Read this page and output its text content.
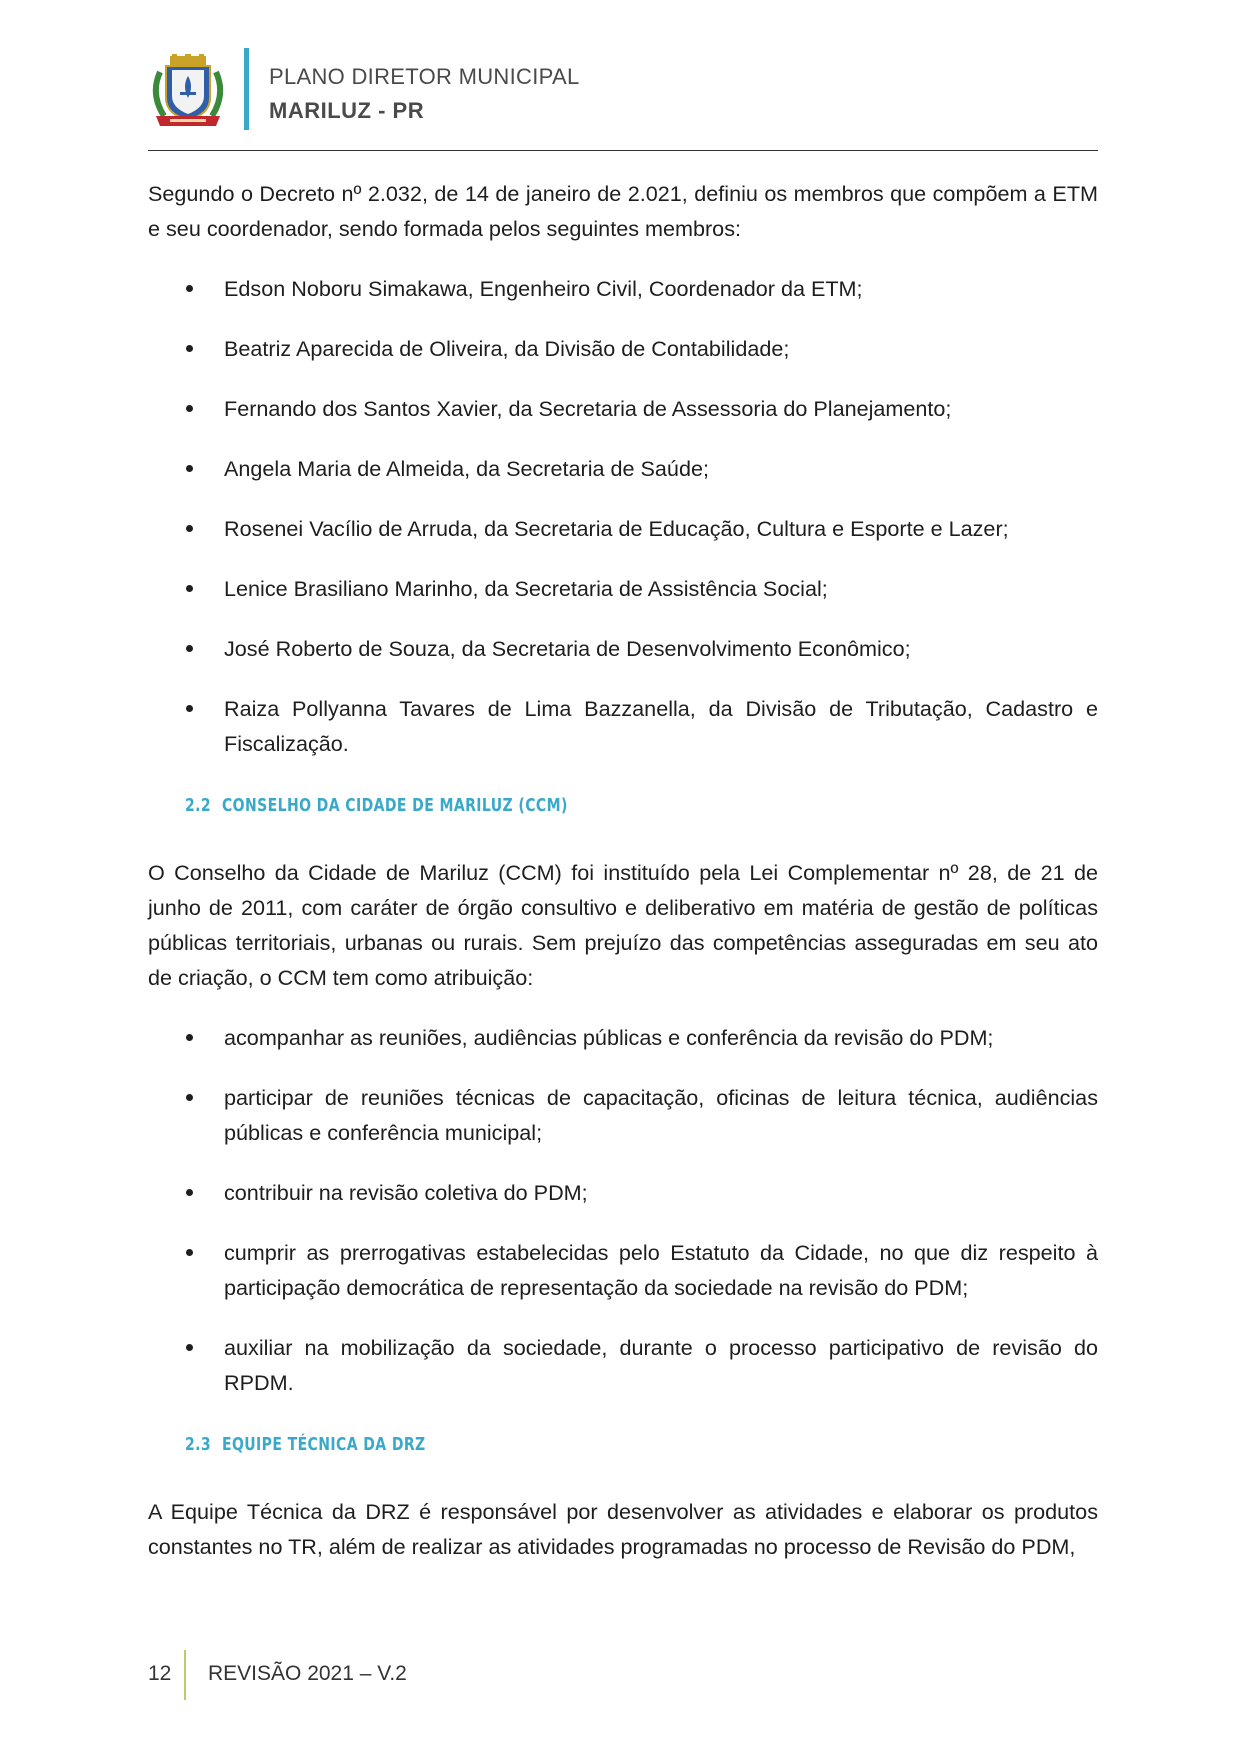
PLANO DIRETOR MUNICIPAL
MARILUZ - PR

Segundo o Decreto nº 2.032, de 14 de janeiro de 2.021, definiu os membros que compõem a ETM e seu coordenador, sendo formada pelos seguintes membros:

Edson Noboru Simakawa, Engenheiro Civil, Coordenador da ETM;
Beatriz Aparecida de Oliveira, da Divisão de Contabilidade;
Fernando dos Santos Xavier, da Secretaria de Assessoria do Planejamento;
Angela Maria de Almeida, da Secretaria de Saúde;
Rosenei Vacílio de Arruda, da Secretaria de Educação, Cultura e Esporte e Lazer;
Lenice Brasiliano Marinho, da Secretaria de Assistência Social;
José Roberto de Souza, da Secretaria de Desenvolvimento Econômico;
Raiza Pollyanna Tavares de Lima Bazzanella, da Divisão de Tributação, Cadastro e Fiscalização.
2.2 CONSELHO DA CIDADE DE MARILUZ (CCM)

O Conselho da Cidade de Mariluz (CCM) foi instituído pela Lei Complementar nº 28, de 21 de junho de 2011, com caráter de órgão consultivo e deliberativo em matéria de gestão de políticas públicas territoriais, urbanas ou rurais. Sem prejuízo das competências asseguradas em seu ato de criação, o CCM tem como atribuição:

acompanhar as reuniões, audiências públicas e conferência da revisão do PDM;
participar de reuniões técnicas de capacitação, oficinas de leitura técnica, audiências públicas e conferência municipal;
contribuir na revisão coletiva do PDM;
cumprir as prerrogativas estabelecidas pelo Estatuto da Cidade, no que diz respeito à participação democrática de representação da sociedade na revisão do PDM;
auxiliar na mobilização da sociedade, durante o processo participativo de revisão do RPDM.
2.3 EQUIPE TÉCNICA DA DRZ

A Equipe Técnica da DRZ é responsável por desenvolver as atividades e elaborar os produtos constantes no TR, além de realizar as atividades programadas no processo de Revisão do PDM,

12 REVISÃO 2021 – V.2
